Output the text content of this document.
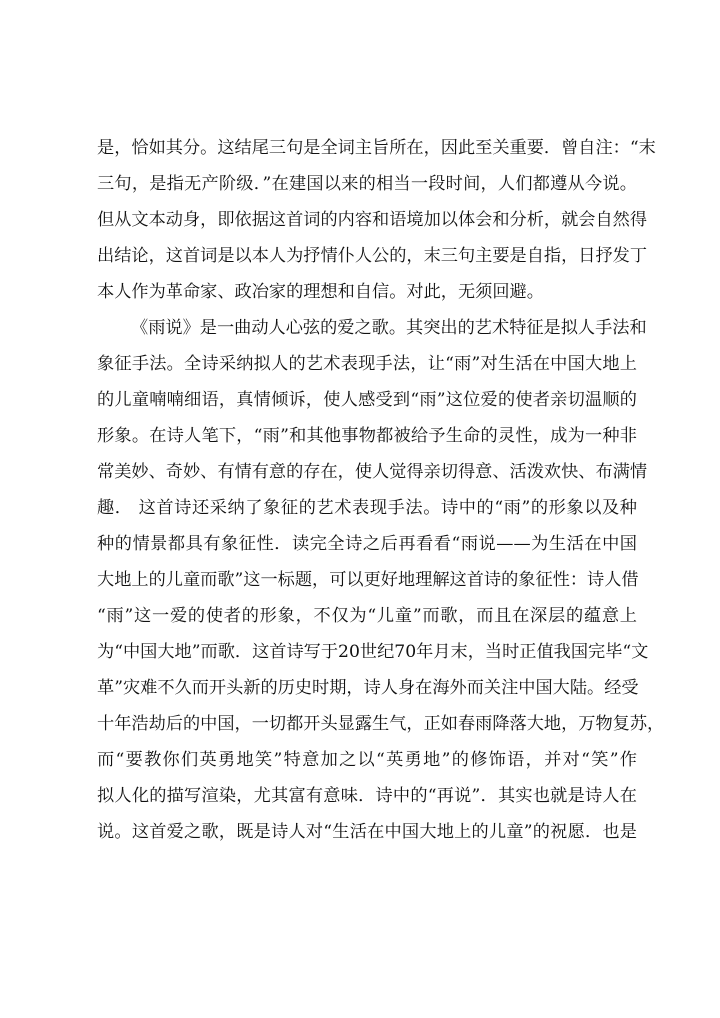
是，恰如其分。这结尾三句是全词主旨所在，因此至关重要．曾自注：“末
三句，是指无产阶级．”在建国以来的相当一段时间，人们都遵从今说。
但从文本动身，即依据这首词的内容和语境加以体会和分析，就会自然得
出结论，这首词是以本人为抒情仆人公的，末三句主要是自指，日抒发丁
本人作为革命家、政冶家的理想和自信。对此，无须回避。
《雨说》是一曲动人心弦的爱之歌。其突出的艺术特征是拟人手法和
象征手法。全诗采纳拟人的艺术表现手法，让“雨”对生活在中国大地上
的儿童喃喃细语，真情倾诉，使人感受到“雨”这位爱的使者亲切温顺的
形象。在诗人笔下，“雨”和其他事物都被给予生命的灵性，成为一种非
常美妙、奇妙、有情有意的存在，使人觉得亲切得意、活泼欢快、布满情
趣． 这首诗还采纳了象征的艺术表现手法。诗中的“雨”的形象以及种
种的情景都具有象征性．读完全诗之后再看看“雨说——为生活在中国
大地上的儿童而歌”这一标题，可以更好地理解这首诗的象征性：诗人借
“雨”这一爱的使者的形象，不仅为“儿童”而歌，而且在深层的蕴意上
为“中国大地”而歌．这首诗写于20世纪70年月末，当时正值我国完毕“文
革”灾难不久而开头新的历史时期，诗人身在海外而关注中国大陆。经受
十年浩劫后的中国，一切都开头显露生气，正如春雨降落大地，万物复苏，
而“要教你们英勇地笑”特意加之以“英勇地”的修饰语，并对“笑”作
拟人化的描写渲染，尤其富有意味．诗中的“再说”．其实也就是诗人在
说。这首爱之歌，既是诗人对“生活在中国大地上的儿童”的祝愿．也是
